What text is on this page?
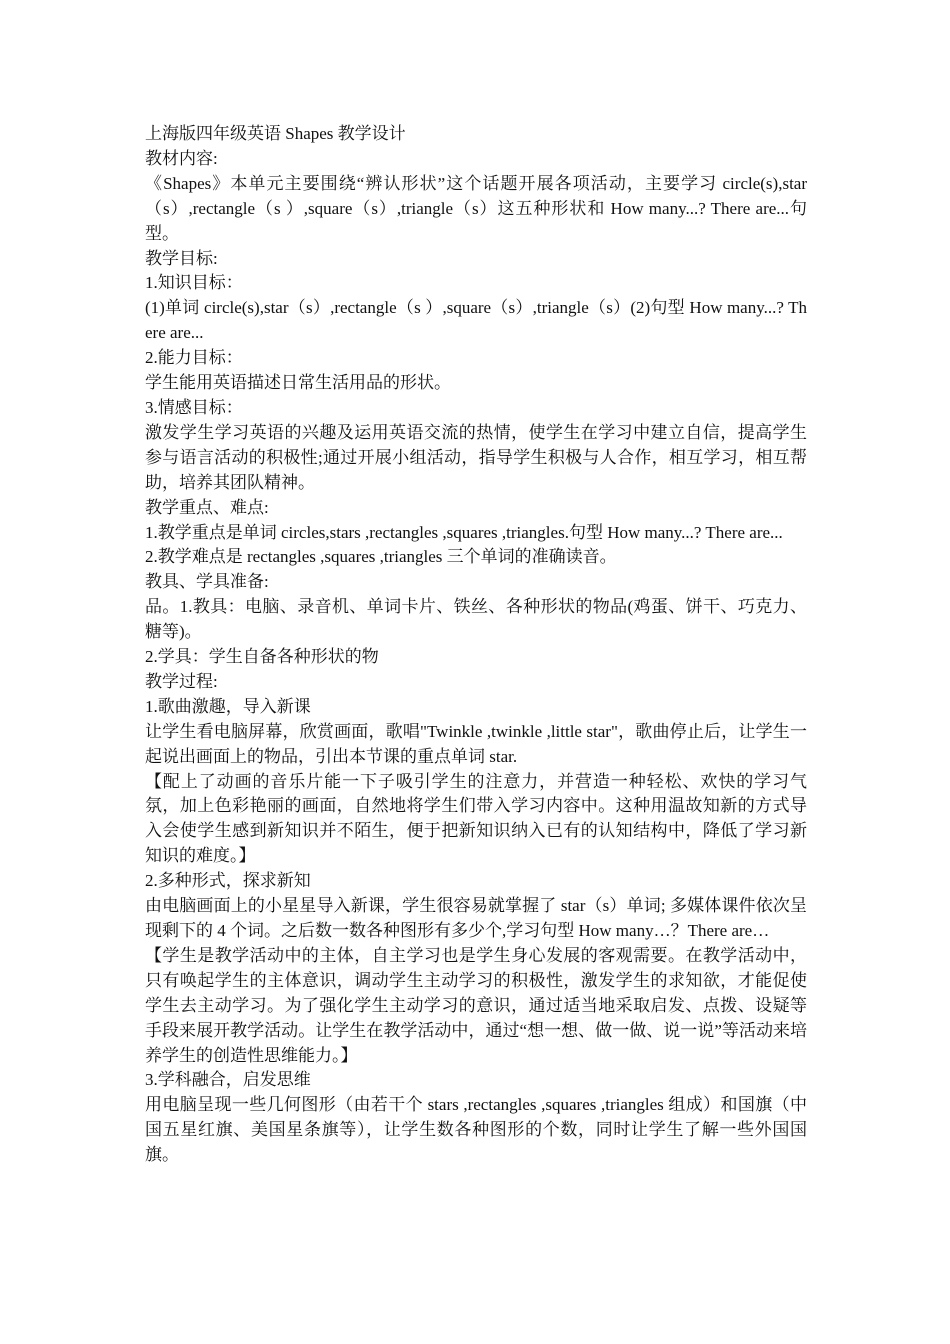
上海版四年级英语 Shapes 教学设计

教材内容:

《Shapes》本单元主要围绕“辨认形状”这个话题开展各项活动，主要学习 circle(s),star（s）,rectangle（s ）,square（s）,triangle（s）这五种形状和 How many...? There are...句型。

教学目标:

1.知识目标：

(1)单词 circle(s),star（s）,rectangle（s ）,square（s）,triangle（s）(2)句型 How many...? There are...

2.能力目标：

学生能用英语描述日常生活用品的形状。

3.情感目标：

激发学生学习英语的兴趣及运用英语交流的热情，使学生在学习中建立自信，提高学生参与语言活动的积极性;通过开展小组活动，指导学生积极与人合作，相互学习，相互帮助，培养其团队精神。

教学重点、难点:

1.教学重点是单词 circles,stars ,rectangles ,squares ,triangles.句型 How many...? There are...

2.教学难点是 rectangles ,squares ,triangles 三个单词的准确读音。

教具、学具准备:

品。1.教具：电脑、录音机、单词卡片、铁丝、各种形状的物品(鸡蛋、饼干、巧克力、糖等)。

2.学具：学生自备各种形状的物

教学过程:

1.歌曲激趣，导入新课

让学生看电脑屏幕，欣赏画面，歌唱"Twinkle ,twinkle ,little star"，歌曲停止后，让学生一起说出画面上的物品，引出本节课的重点单词 star.

【配上了动画的音乐片能一下子吸引学生的注意力，并营造一种轻松、欢快的学习气氛，加上色彩艳丽的画面，自然地将学生们带入学习内容中。这种用温故知新的方式导入会使学生感到新知识并不陌生，便于把新知识纳入已有的认知结构中，降低了学习新知识的难度。】

2.多种形式，探求新知

由电脑画面上的小星星导入新课，学生很容易就掌握了 star（s）单词; 多媒体课件依次呈现剩下的 4 个词。之后数一数各种图形有多少个,学习句型 How many…？There are…

【学生是教学活动中的主体，自主学习也是学生身心发展的客观需要。在教学活动中，只有唤起学生的主体意识，调动学生主动学习的积极性，激发学生的求知欲，才能促使学生去主动学习。为了强化学生主动学习的意识，通过适当地采取启发、点拨、设疑等手段来展开教学活动。让学生在教学活动中，通过“想一想、做一做、说一说”等活动来培养学生的创造性思维能力。】

3.学科融合，启发思维

用电脑呈现一些几何图形（由若干个 stars ,rectangles ,squares ,triangles 组成）和国旗（中国五星红旗、美国星条旗等），让学生数各种图形的个数，同时让学生了解一些外国国旗。
